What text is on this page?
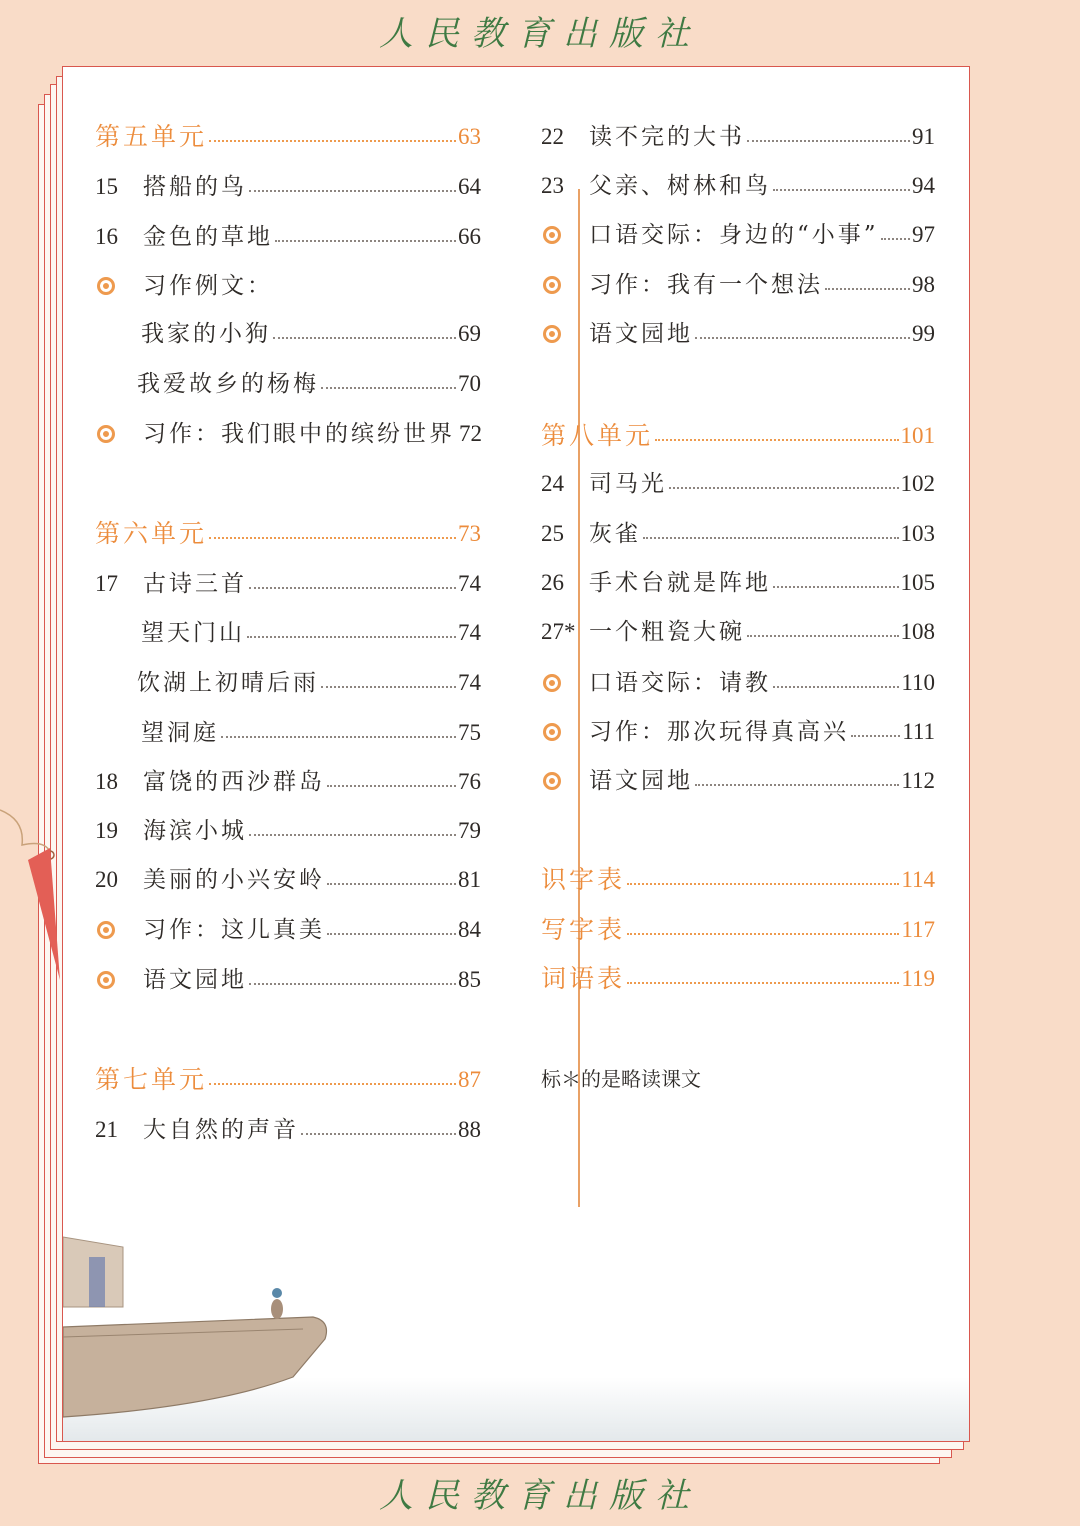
人民教育出版社
第五单元	63
15	搭船的鸟	64
16	金色的草地	66
习作例文：
我家的小狗	69
我爱故乡的杨梅	70
习作：我们眼中的缤纷世界 72
第六单元	73
17	古诗三首	74
望天门山	74
饮湖上初晴后雨	74
望洞庭	75
18	富饶的西沙群岛	76
19	海滨小城	79
20	美丽的小兴安岭	81
习作：这儿真美	84
语文园地	85
第七单元	87
21	大自然的声音	88
22	读不完的大书	91
23	父亲、树林和鸟	94
口语交际：身边的“小事” 97
习作：我有一个想法	98
语文园地	99
第八单元	101
24	司马光	102
25	灰雀	103
26	手术台就是阵地	105
27* 一个粗瓷大碗	108
口语交际：请教	110
习作：那次玩得真高兴 111
语文园地	112
识字表	114
写字表	117
词语表	119
标＊的是略读课文
人民教育出版社
